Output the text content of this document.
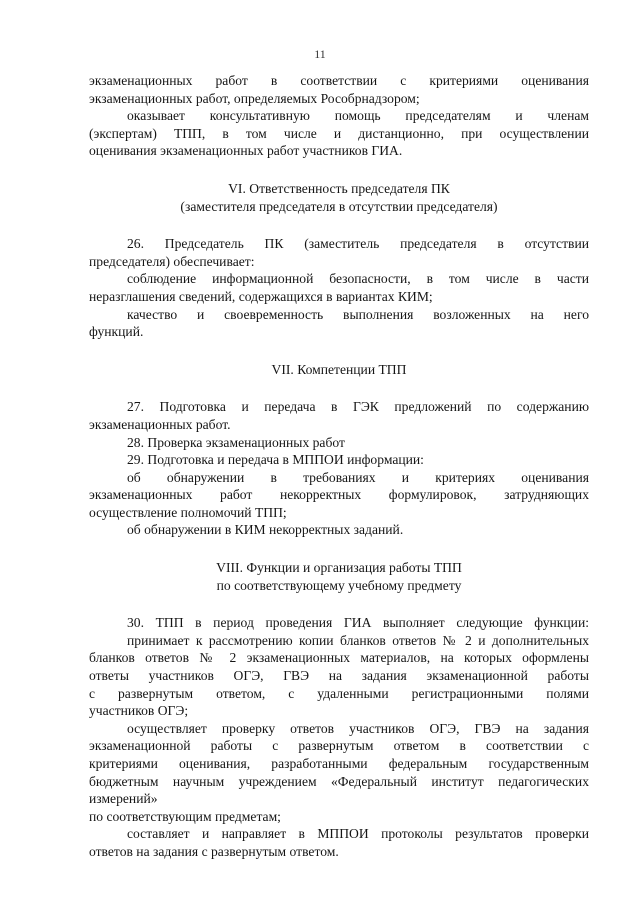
11
экзаменационных работ в соответствии с критериями оценивания
экзаменационных работ, определяемых Рособрнадзором;
оказывает консультативную помощь председателям и членам
(экспертам) ТПП, в том числе и дистанционно, при осуществлении
оценивания экзаменационных работ участников ГИА.
VI. Ответственность председателя ПК
(заместителя председателя в отсутствии председателя)
26. Председатель ПК (заместитель председателя в отсутствии
председателя) обеспечивает:
соблюдение информационной безопасности, в том числе в части
неразглашения сведений, содержащихся в вариантах КИМ;
качество и своевременность выполнения возложенных на него
функций.
VII. Компетенции ТПП
27. Подготовка и передача в ГЭК предложений по содержанию
экзаменационных работ.
28. Проверка экзаменационных работ
29. Подготовка и передача в МППОИ информации:
об обнаружении в требованиях и критериях оценивания
экзаменационных работ некорректных формулировок, затрудняющих
осуществление полномочий ТПП;
об обнаружении в КИМ некорректных заданий.
VIII. Функции и организация работы ТПП
по соответствующему учебному предмету
30. ТПП в период проведения ГИА выполняет следующие функции:
принимает к рассмотрению копии бланков ответов № 2 и дополнительных
бланков ответов № 2 экзаменационных материалов, на которых оформлены
ответы участников ОГЭ, ГВЭ на задания экзаменационной работы
с развернутым ответом, с удаленными регистрационными полями
участников ОГЭ;
осуществляет проверку ответов участников ОГЭ, ГВЭ на задания
экзаменационной работы с развернутым ответом в соответствии с
критериями оценивания, разработанными федеральным государственным
бюджетным научным учреждением «Федеральный институт педагогических
измерений»
по соответствующим предметам;
составляет и направляет в МППОИ протоколы результатов проверки
ответов на задания с развернутым ответом.
